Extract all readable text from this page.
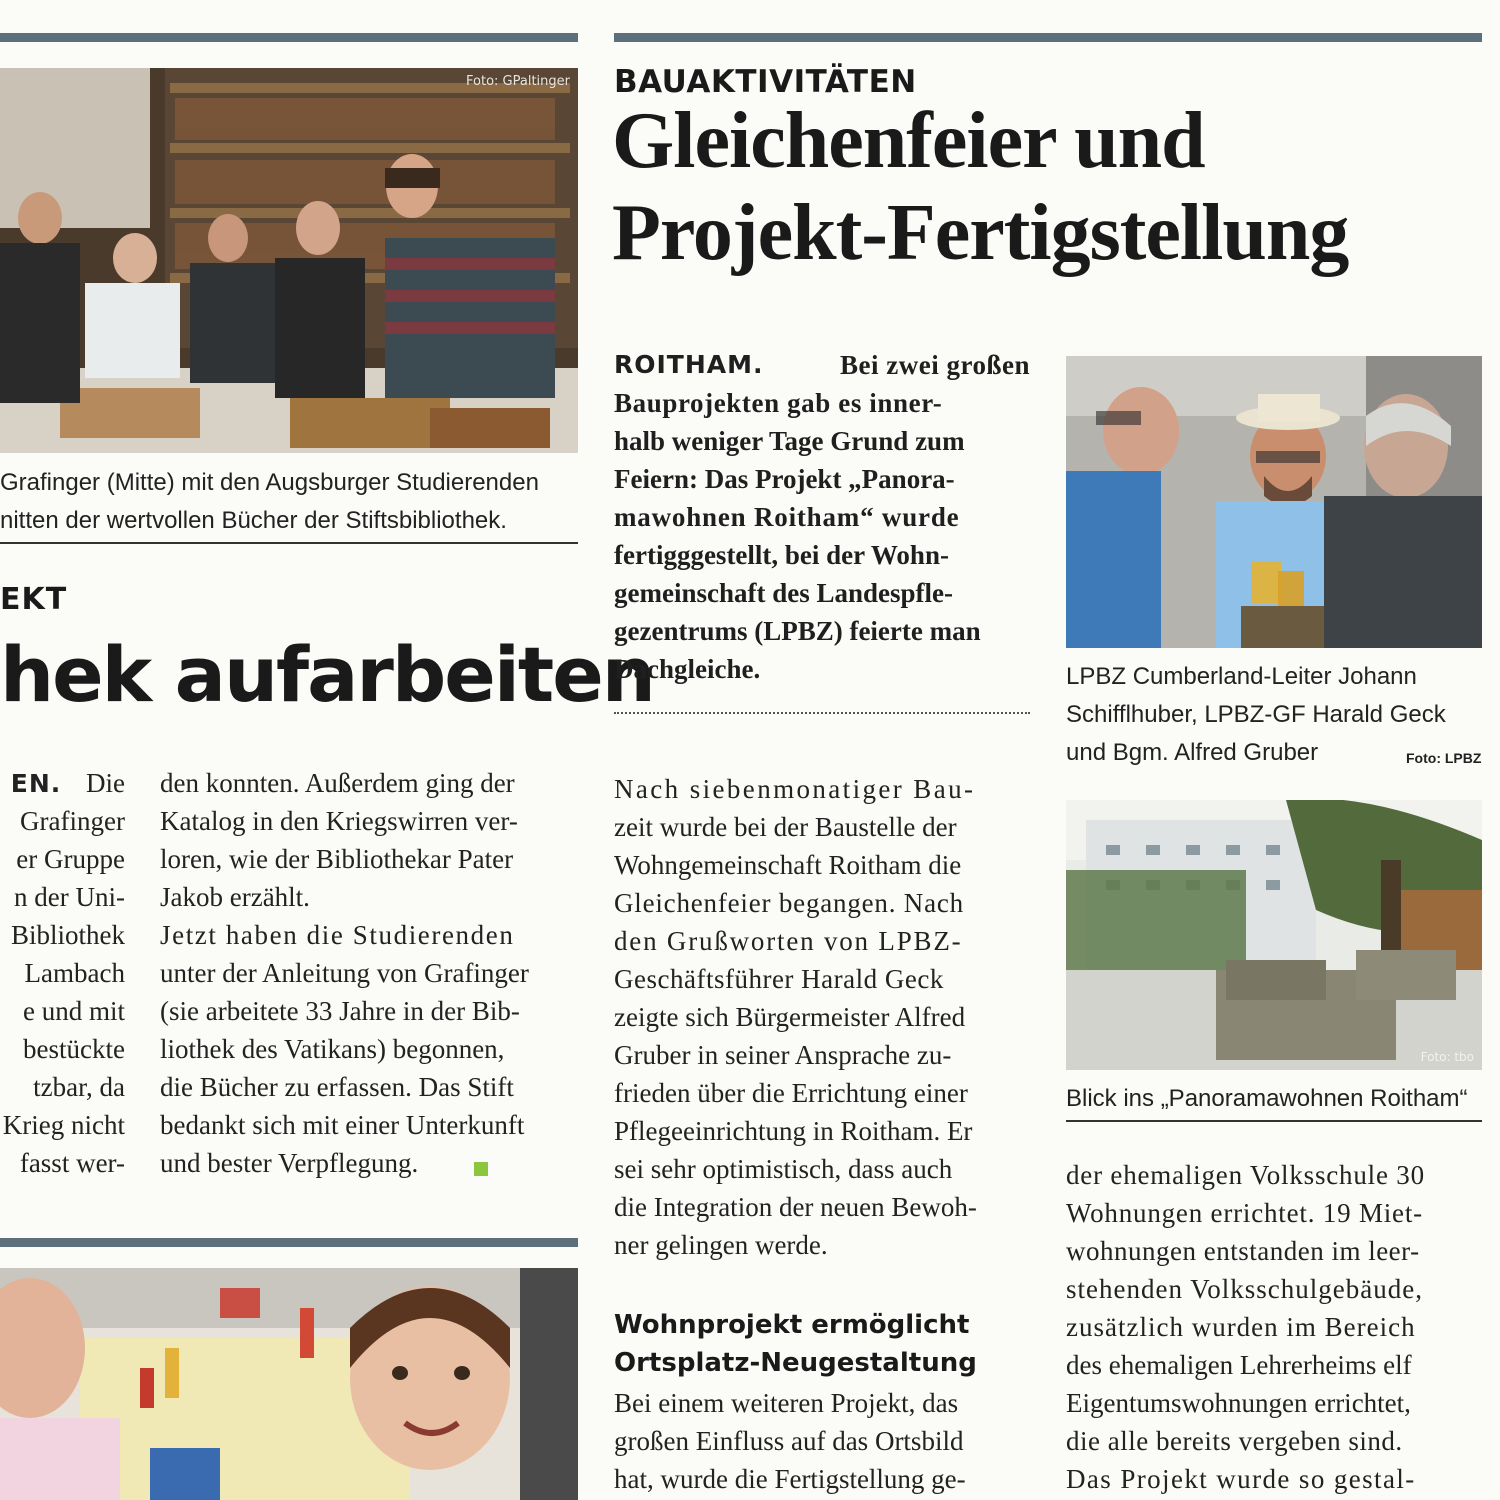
Foto: GPaltinger
Grafinger (Mitte) mit den Augsburger Studierenden
nitten der wertvollen Bücher der Stiftsbibliothek.
EKT
hek aufarbeiten
EN. Die
Grafinger
er Gruppe
n der Uni-
Bibliothek
Lambach
e und mit
bestückte
tzbar, da
Krieg nicht
fasst wer-
den konnten. Außerdem ging der
Katalog in den Kriegswirren ver-
loren, wie der Bibliothekar Pater
Jakob erzählt.
Jetzt haben die Studierenden
unter der Anleitung von Grafinger
(sie arbeitete 33 Jahre in der Bib-
liothek des Vatikans) begonnen,
die Bücher zu erfassen. Das Stift
bedankt sich mit einer Unterkunft
und bester Verpflegung.
BAUAKTIVITÄTEN
Gleichenfeier und
Projekt-Fertigstellung
ROITHAM.	Bei zwei großen
Bauprojekten gab es inner-
halb weniger Tage Grund zum
Feiern: Das Projekt „Panora-
mawohnen Roitham“ wurde
fertigggestellt, bei der Wohn-
gemeinschaft des Landespfle-
gezentrums (LPBZ) feierte man
Dachgleiche.	LPBZ Cumberland-Leiter Johann
Schifflhuber, LPBZ-GF Harald Geck
und Bgm. Alfred Gruber	Foto: LPBZ
Foto: tbo
Blick ins „Panoramawohnen Roitham“
Nach siebenmonatiger Bau-
zeit wurde bei der Baustelle der
Wohngemeinschaft Roitham die
Gleichenfeier begangen. Nach
den Grußworten von LPBZ-
Geschäftsführer Harald Geck
zeigte sich Bürgermeister Alfred
Gruber in seiner Ansprache zu-
frieden über die Errichtung einer
Pflegeeinrichtung in Roitham. Er
sei sehr optimistisch, dass auch
die Integration der neuen Bewoh-
ner gelingen werde.
Wohnprojekt ermöglicht
Ortsplatz-Neugestaltung
Bei einem weiteren Projekt, das
großen Einfluss auf das Ortsbild
hat, wurde die Fertigstellung ge-
der ehemaligen Volksschule 30
Wohnungen errichtet. 19 Miet-
wohnungen entstanden im leer-
stehenden Volksschulgebäude,
zusätzlich wurden im Bereich
des ehemaligen Lehrerheims elf
Eigentumswohnungen errichtet,
die alle bereits vergeben sind.
Das Projekt wurde so gestal-
